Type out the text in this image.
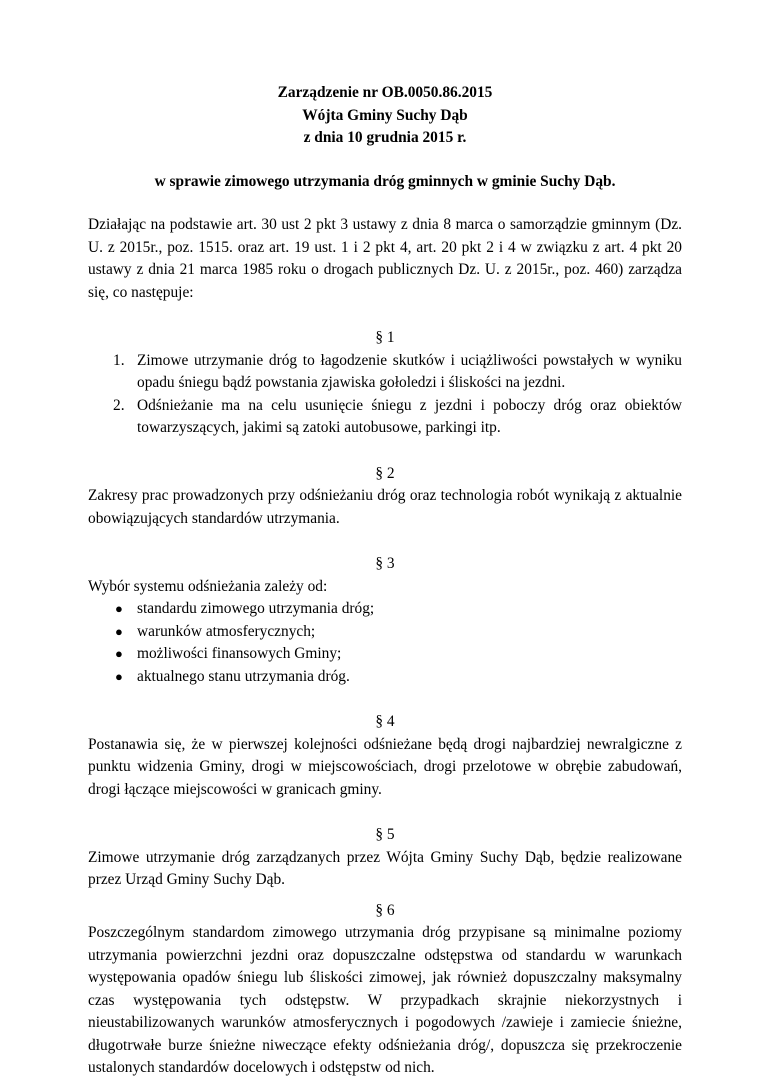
Zarządzenie nr OB.0050.86.2015

Wójta Gminy Suchy Dąb

z dnia 10 grudnia 2015 r.

w sprawie zimowego utrzymania dróg gminnych w gminie Suchy Dąb.

Działając na podstawie art. 30 ust 2 pkt 3 ustawy z dnia 8 marca o samorządzie gminnym (Dz. U. z 2015r., poz. 1515. oraz art. 19 ust. 1 i 2 pkt 4, art. 20 pkt 2 i 4 w związku z art. 4 pkt 20 ustawy z dnia 21 marca 1985 roku o drogach publicznych Dz. U. z 2015r., poz. 460) zarządza się, co następuje:

§ 1

1. Zimowe utrzymanie dróg to łagodzenie skutków i uciążliwości powstałych w wyniku opadu śniegu bądź powstania zjawiska gołoledzi i śliskości na jezdni.
2. Odśnieżanie ma na celu usunięcie śniegu z jezdni i poboczy dróg oraz obiektów towarzyszących, jakimi są zatoki autobusowe, parkingi itp.

§ 2

Zakresy prac prowadzonych przy odśnieżaniu dróg oraz technologia robót wynikają z aktualnie obowiązujących standardów utrzymania.

§ 3

Wybór systemu odśnieżania zależy od:

● standardu zimowego utrzymania dróg;
● warunków atmosferycznych;
● możliwości finansowych Gminy;
● aktualnego stanu utrzymania dróg.

§ 4

Postanawia się, że w pierwszej kolejności odśnieżane będą drogi najbardziej newralgiczne z punktu widzenia Gminy, drogi w miejscowościach, drogi przelotowe w obrębie zabudowań, drogi łączące miejscowości w granicach gminy.

§ 5

Zimowe utrzymanie dróg zarządzanych przez Wójta Gminy Suchy Dąb, będzie realizowane przez Urząd Gminy Suchy Dąb.

§ 6

Poszczególnym standardom zimowego utrzymania dróg przypisane są minimalne poziomy utrzymania powierzchni jezdni oraz dopuszczalne odstępstwa od standardu w warunkach występowania opadów śniegu lub śliskości zimowej, jak również dopuszczalny maksymalny czas występowania tych odstępstw. W przypadkach skrajnie niekorzystnych i nieustabilizowanych warunków atmosferycznych i pogodowych /zawieje i zamiecie śnieżne, długotrwałe burze śnieżne niweczące efekty odśnieżania dróg/, dopuszcza się przekroczenie ustalonych standardów docelowych i odstępstw od nich.
